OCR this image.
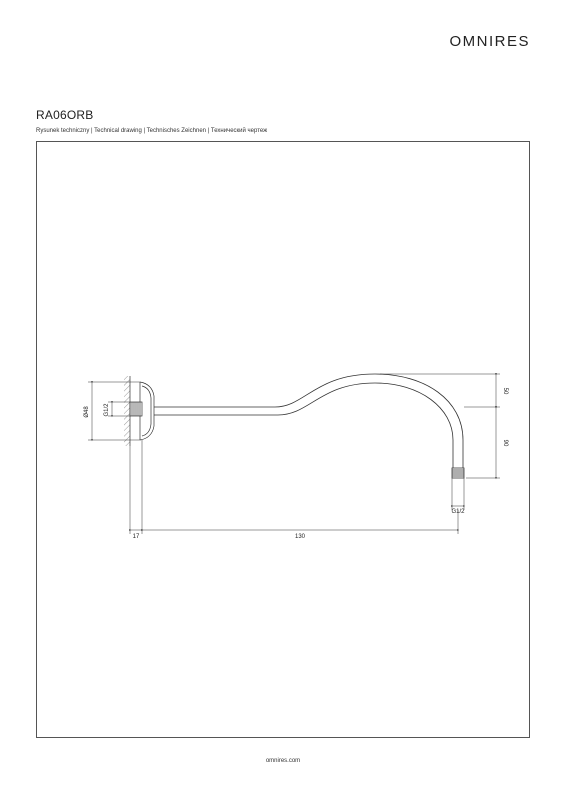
OMNIRES
RA06ORB
Rysunek techniczny | Technical drawing | Technisches Zeichnen | Технический чертеж
Ø48 G1/2
50
90
G1/2
17	130
omnires.com
